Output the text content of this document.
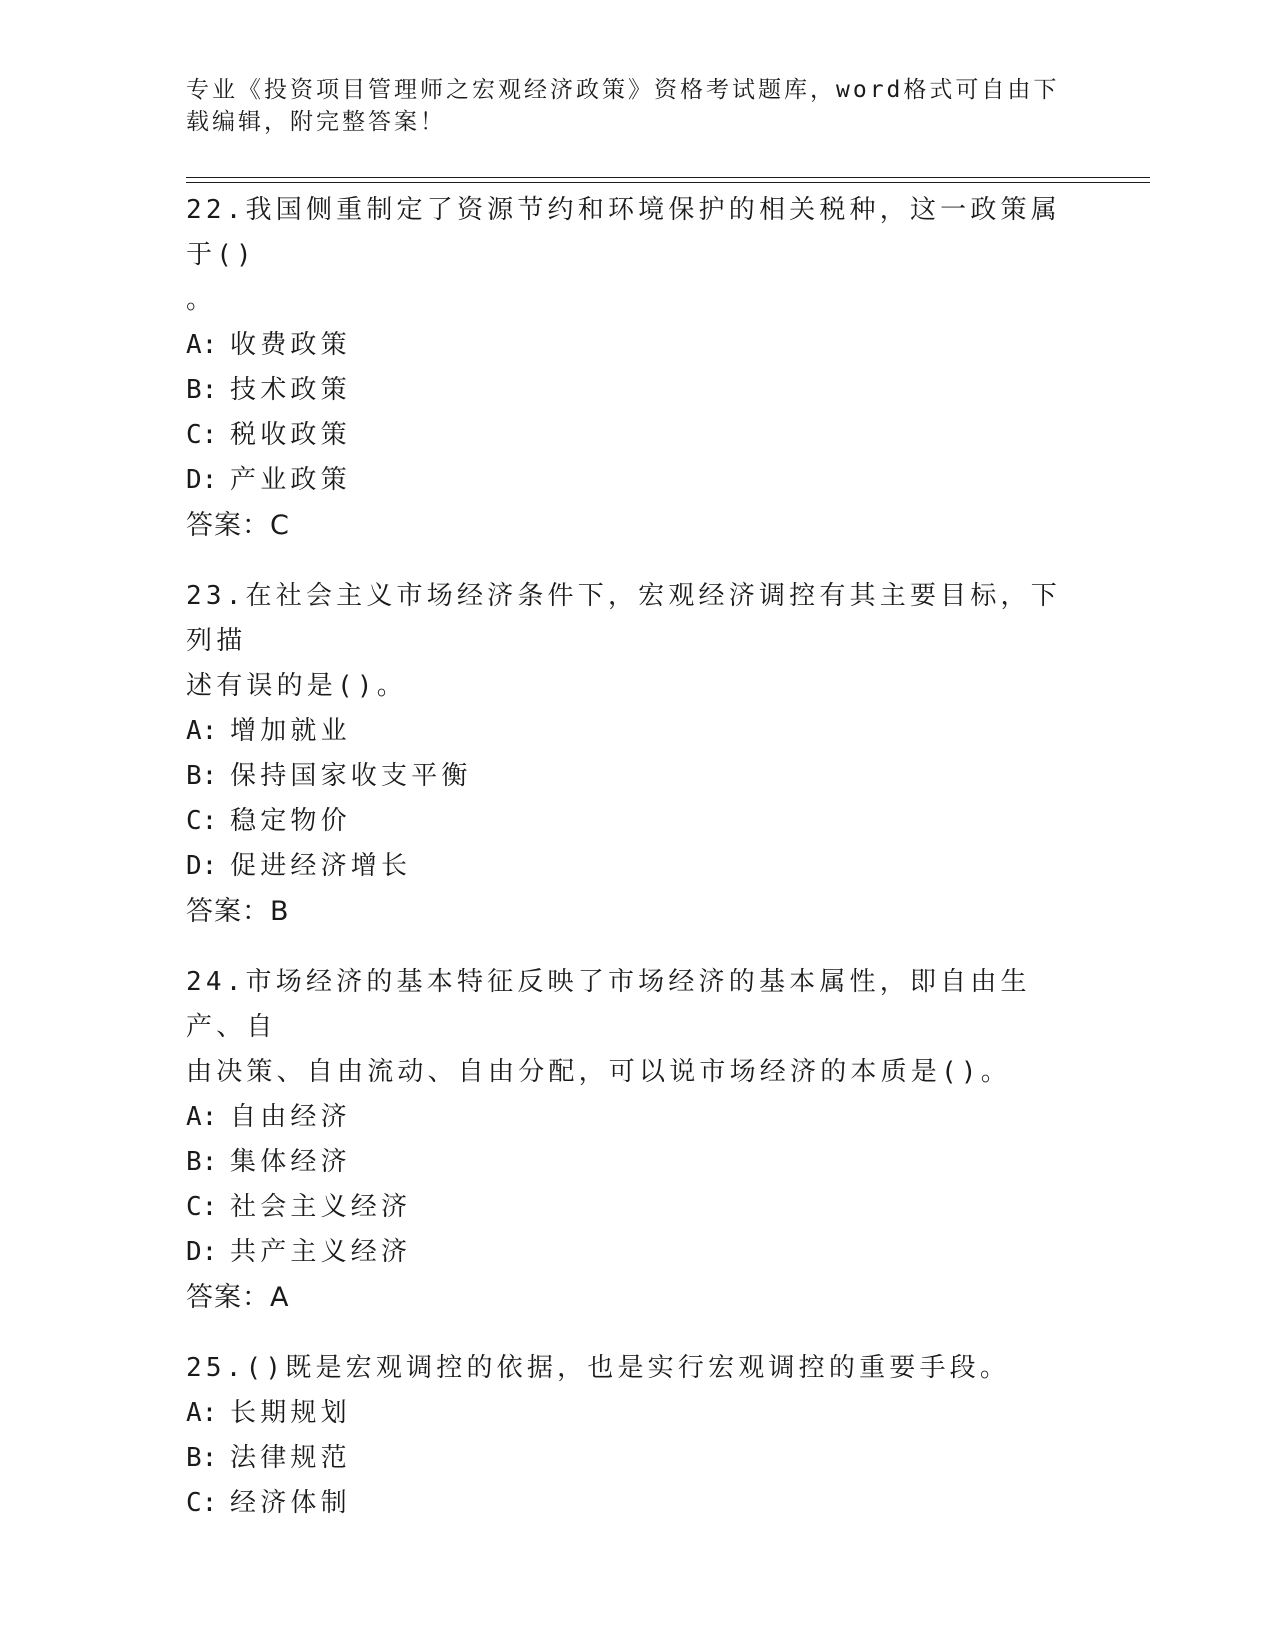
专业《投资项目管理师之宏观经济政策》资格考试题库，word格式可自由下载编辑，附完整答案！

22.我国侧重制定了资源节约和环境保护的相关税种，这一政策属于()

。

A: 收费政策
B: 技术政策
C: 税收政策
D: 产业政策

答案：C

23.在社会主义市场经济条件下，宏观经济调控有其主要目标，下列描

述有误的是()。

A: 增加就业
B: 保持国家收支平衡
C: 稳定物价
D: 促进经济增长

答案：B

24.市场经济的基本特征反映了市场经济的基本属性，即自由生产、自

由决策、自由流动、自由分配，可以说市场经济的本质是()。

A: 自由经济
B: 集体经济
C: 社会主义经济
D: 共产主义经济

答案：A

25.()既是宏观调控的依据，也是实行宏观调控的重要手段。

A: 长期规划
B: 法律规范
C: 经济体制
